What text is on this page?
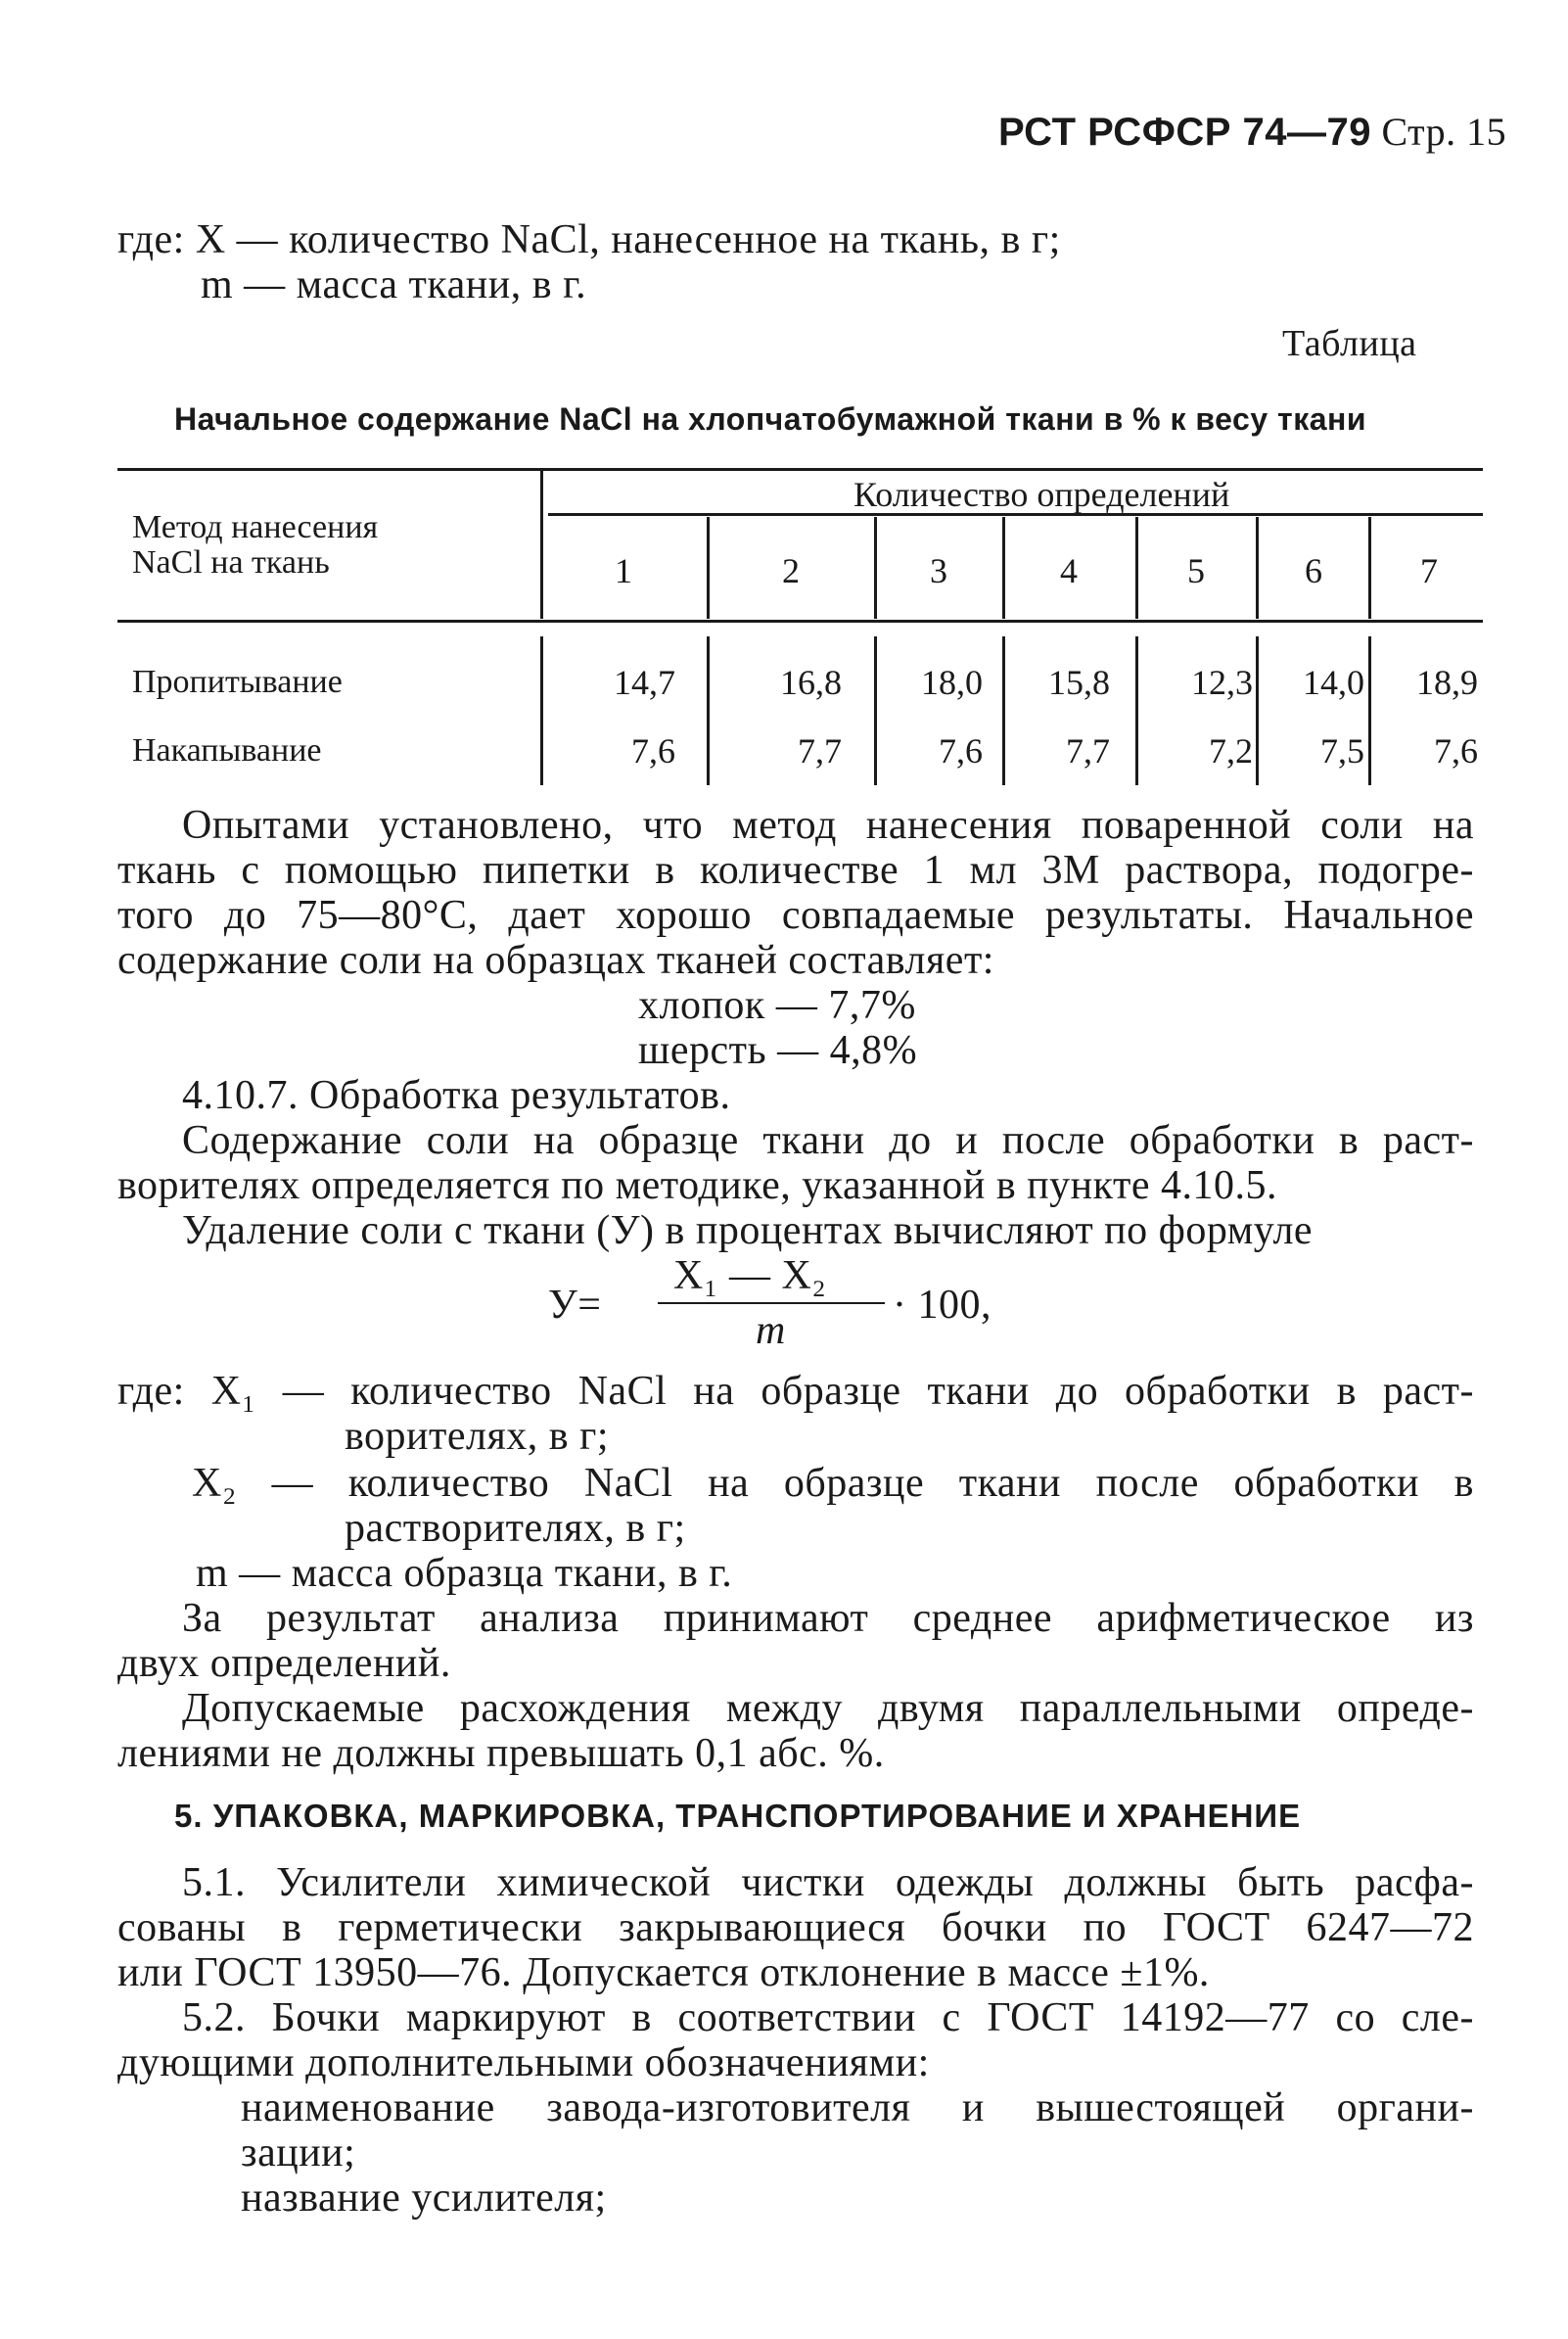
РСТ РСФСР 74—79 Стр. 15
где: X — количество NaCl, нанесенное на ткань, в г;
m — масса ткани, в г.
Таблица
Начальное содержание NaCl на хлопчатобумажной ткани в % к весу ткани
Метод нанесения
NaCl на ткань
Количество определений
1	2	3	4	5	6	7
Пропитывание	14,7	16,8	18,0	15,8	12,3	14,0	18,9
Накапывание	7,6	7,7	7,6	7,7	7,2	7,5	7,6
Опытами установлено, что метод нанесения поваренной соли на
ткань с помощью пипетки в количестве 1 мл 3М раствора, подогре-
того до 75—80°С, дает хорошо совпадаемые результаты. Начальное
содержание соли на образцах тканей составляет:
хлопок — 7,7%
шерсть — 4,8%
4.10.7. Обработка результатов.
Содержание соли на образце ткани до и после обработки в раст-
ворителях определяется по методике, указанной в пункте 4.10.5.
Удаление соли с ткани (У) в процентах вычисляют по формуле
У=
X₁ — X₂
m
· 100,
где: X₁ — количество NaCl на образце ткани до обработки в раст-
ворителях, в г;
X₂ — количество NaCl на образце ткани после обработки в
растворителях, в г;
m — масса образца ткани, в г.
За результат анализа принимают среднее арифметическое из
двух определений.
Допускаемые расхождения между двумя параллельными опреде-
лениями не должны превышать 0,1 абс. %.
5. УПАКОВКА, МАРКИРОВКА, ТРАНСПОРТИРОВАНИЕ И ХРАНЕНИЕ
5.1. Усилители химической чистки одежды должны быть расфа-
сованы в герметически закрывающиеся бочки по ГОСТ 6247—72
или ГОСТ 13950—76. Допускается отклонение в массе ±1%.
5.2. Бочки маркируют в соответствии с ГОСТ 14192—77 со сле-
дующими дополнительными обозначениями:
наименование завода-изготовителя и вышестоящей органи-
зации;
название усилителя;
